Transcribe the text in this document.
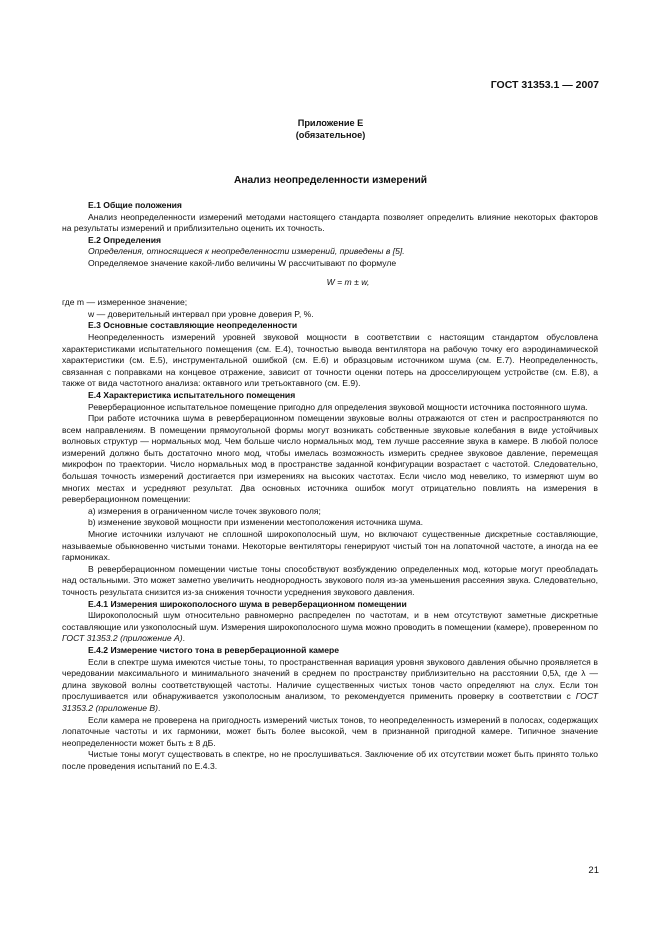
ГОСТ 31353.1 — 2007
Приложение Е
(обязательное)
Анализ неопределенности измерений

Е.1 Общие положения

Анализ неопределенности измерений методами настоящего стандарта позволяет определить влияние некоторых факторов на результаты измерений и приблизительно оценить их точность.

Е.2 Определения

Определения, относящиеся к неопределенности измерений, приведены в [5].

Определяемое значение какой-либо величины W рассчитывают по формуле

W = m ± w,

где m — измеренное значение;

w — доверительный интервал при уровне доверия P, %.

Е.3 Основные составляющие неопределенности

Неопределенность измерений уровней звуковой мощности в соответствии с настоящим стандартом обусловлена характеристиками испытательного помещения (см. Е.4), точностью вывода вентилятора на рабочую точку его аэродинамической характеристики (см. Е.5), инструментальной ошибкой (см. Е.6) и образцовым источником шума (см. Е.7). Неопределенность, связанная с поправками на концевое отражение, зависит от точности оценки потерь на дросселирующем устройстве (см. Е.8), а также от вида частотного анализа: октавного или третьоктавного (см. Е.9).

Е.4 Характеристика испытательного помещения

Реверберационное испытательное помещение пригодно для определения звуковой мощности источника постоянного шума.

При работе источника шума в реверберационном помещении звуковые волны отражаются от стен и распространяются по всем направлениям. В помещении прямоугольной формы могут возникать собственные звуковые колебания в виде устойчивых волновых структур — нормальных мод. Чем больше число нормальных мод, тем лучше рассеяние звука в камере. В любой полосе измерений должно быть достаточно много мод, чтобы имелась возможность измерить среднее звуковое давление, перемещая микрофон по траектории. Число нормальных мод в пространстве заданной конфигурации возрастает с частотой. Следовательно, большая точность измерений достигается при измерениях на высоких частотах. Если число мод невелико, то измеряют шум во многих местах и усредняют результат. Два основных источника ошибок могут отрицательно повлиять на измерения в реверберационном помещении:

а) измерения в ограниченном числе точек звукового поля;

b) изменение звуковой мощности при изменении местоположения источника шума.

Многие источники излучают не сплошной широкополосный шум, но включают существенные дискретные составляющие, называемые обыкновенно чистыми тонами. Некоторые вентиляторы генерируют чистый тон на лопаточной частоте, а иногда на ее гармониках.

В реверберационном помещении чистые тоны способствуют возбуждению определенных мод, которые могут преобладать над остальными. Это может заметно увеличить неоднородность звукового поля из-за уменьшения рассеяния звука. Следовательно, точность результата снизится из-за снижения точности усреднения звукового давления.

Е.4.1 Измерения широкополосного шума в реверберационном помещении

Широкополосный шум относительно равномерно распределен по частотам, и в нем отсутствуют заметные дискретные составляющие или узкополосный шум. Измерения широкополосного шума можно проводить в помещении (камере), проверенном по ГОСТ 31353.2 (приложение А).

Е.4.2 Измерение чистого тона в реверберационной камере

Если в спектре шума имеются чистые тоны, то пространственная вариация уровня звукового давления обычно проявляется в чередовании максимального и минимального значений в среднем по пространству приблизительно на расстоянии 0,5λ, где λ — длина звуковой волны соответствующей частоты. Наличие существенных чистых тонов часто определяют на слух. Если тон прослушивается или обнаруживается узкополосным анализом, то рекомендуется применить проверку в соответствии с ГОСТ 31353.2 (приложение В).

Если камера не проверена на пригодность измерений чистых тонов, то неопределенность измерений в полосах, содержащих лопаточные частоты и их гармоники, может быть более высокой, чем в признанной пригодной камере. Типичное значение неопределенности может быть ± 8 дБ.

Чистые тоны могут существовать в спектре, но не прослушиваться. Заключение об их отсутствии может быть принято только после проведения испытаний по Е.4.3.

21
